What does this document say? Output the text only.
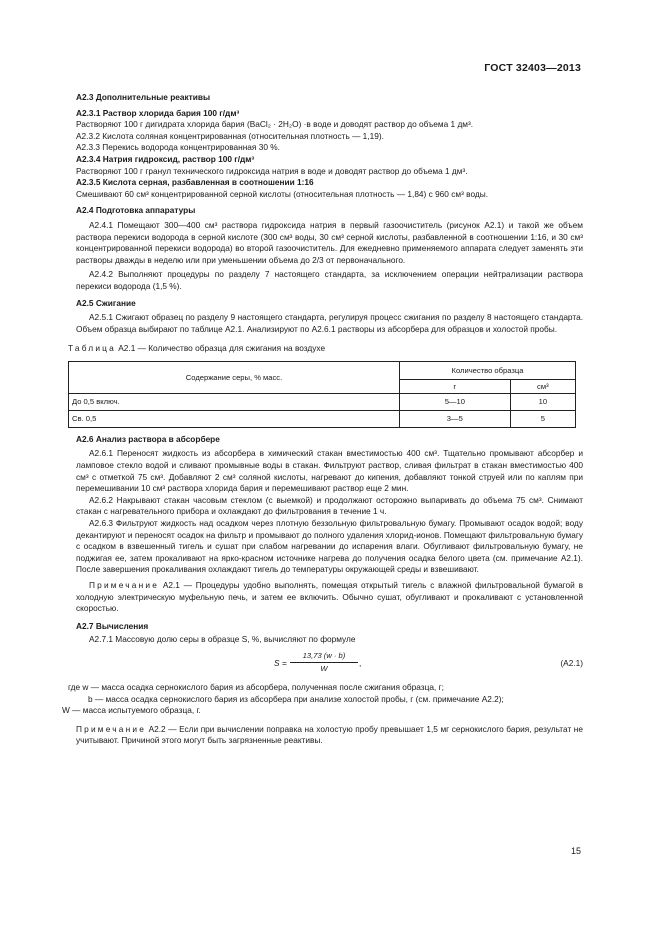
ГОСТ 32403—2013

А2.3 Дополнительные реактивы

А2.3.1 Раствор хлорида бария 100 г/дм³

Растворяют 100 г дигидрата хлорида бария (BaCl₂ · 2H₂O) ·в воде и доводят раствор до объема 1 дм³.

А2.3.2 Кислота соляная концентрированная (относительная плотность — 1,19).

А2.3.3 Перекись водорода концентрированная 30 %.

А2.3.4 Натрия гидроксид, раствор 100 г/дм³

Растворяют 100 г гранул технического гидроксида натрия в воде и доводят раствор до объема 1 дм³.

А2.3.5 Кислота серная, разбавленная в соотношении 1:16

Смешивают 60 см³ концентрированной серной кислоты (относительная плотность — 1,84) с 960 см³ воды.

А2.4 Подготовка аппаратуры

А2.4.1 Помещают 300—400 см³ раствора гидроксида натрия в первый газоочиститель (рисунок А2.1) и такой же объем раствора перекиси водорода в серной кислоте (300 см³ воды, 30 см³ серной кислоты, разбавленной в соотношении 1:16, и 30 см³ концентрированной перекиси водорода) во второй газоочиститель. Для ежедневно применяемого аппарата следует заменять эти растворы дважды в неделю или при уменьшении объема до 2/3 от первоначального.

А2.4.2 Выполняют процедуры по разделу 7 настоящего стандарта, за исключением операции нейтрализации раствора перекиси водорода (1,5 %).

А2.5 Сжигание

А2.5.1 Сжигают образец по разделу 9 настоящего стандарта, регулируя процесс сжигания по разделу 8 настоящего стандарта. Объем образца выбирают по таблице А2.1. Анализируют по А2.6.1 растворы из абсорбера для образцов и холостой пробы.

Таблица А2.1 — Количество образца для сжигания на воздухе

Содержание серы, % масс.	Количество образца	
	г	см³
До 0,5 включ.	5—10	10
Св. 0,5	3—5	5

А2.6 Анализ раствора в абсорбере

А2.6.1 Переносят жидкость из абсорбера в химический стакан вместимостью 400 см³. Тщательно промывают абсорбер и ламповое стекло водой и сливают промывные воды в стакан. Фильтруют раствор, сливая фильтрат в стакан вместимостью 400 см³ с отметкой 75 см³. Добавляют 2 см³ соляной кислоты, нагревают до кипения, добавляют тонкой струей или по каплям при перемешивании 10 см³ раствора хлорида бария и перемешивают раствор еще 2 мин.

А2.6.2 Накрывают стакан часовым стеклом (с выемкой) и продолжают осторожно выпаривать до объема 75 см³. Снимают стакан с нагревательного прибора и охлаждают до фильтрования в течение 1 ч.

А2.6.3 Фильтруют жидкость над осадком через плотную беззольную фильтровальную бумагу. Промывают осадок водой; воду декантируют и переносят осадок на фильтр и промывают до полного удаления хлорид-ионов. Помещают фильтровальную бумагу с осадком в взвешенный тигель и сушат при слабом нагревании до испарения влаги. Обугливают фильтровальную бумагу, не поджигая ее, затем прокаливают на ярко-красном источнике нагрева до получения осадка белого цвета (см. примечание А2.1). После завершения прокаливания охлаждают тигель до температуры окружающей среды и взвешивают.

Примечание А2.1 — Процедуры удобно выполнять, помещая открытый тигель с влажной фильтровальной бумагой в холодную электрическую муфельную печь, и затем ее включить. Обычно сушат, обугливают и прокаливают с установленной скоростью.

А2.7 Вычисления

А2.7.1 Массовую долю серы в образце S, %, вычисляют по формуле

S =
13,73 (w · b)
W
,	(А2.1)

где w — масса осадка сернокислого бария из абсорбера, полученная после сжигания образца, г;

b — масса осадка сернокислого бария из абсорбера при анализе холостой пробы, г (см. примечание А2.2);

W — масса испытуемого образца, г.

Примечание А2.2 — Если при вычислении поправка на холостую пробу превышает 1,5 мг сернокислого бария, результат не учитывают. Причиной этого могут быть загрязненные реактивы.

15
